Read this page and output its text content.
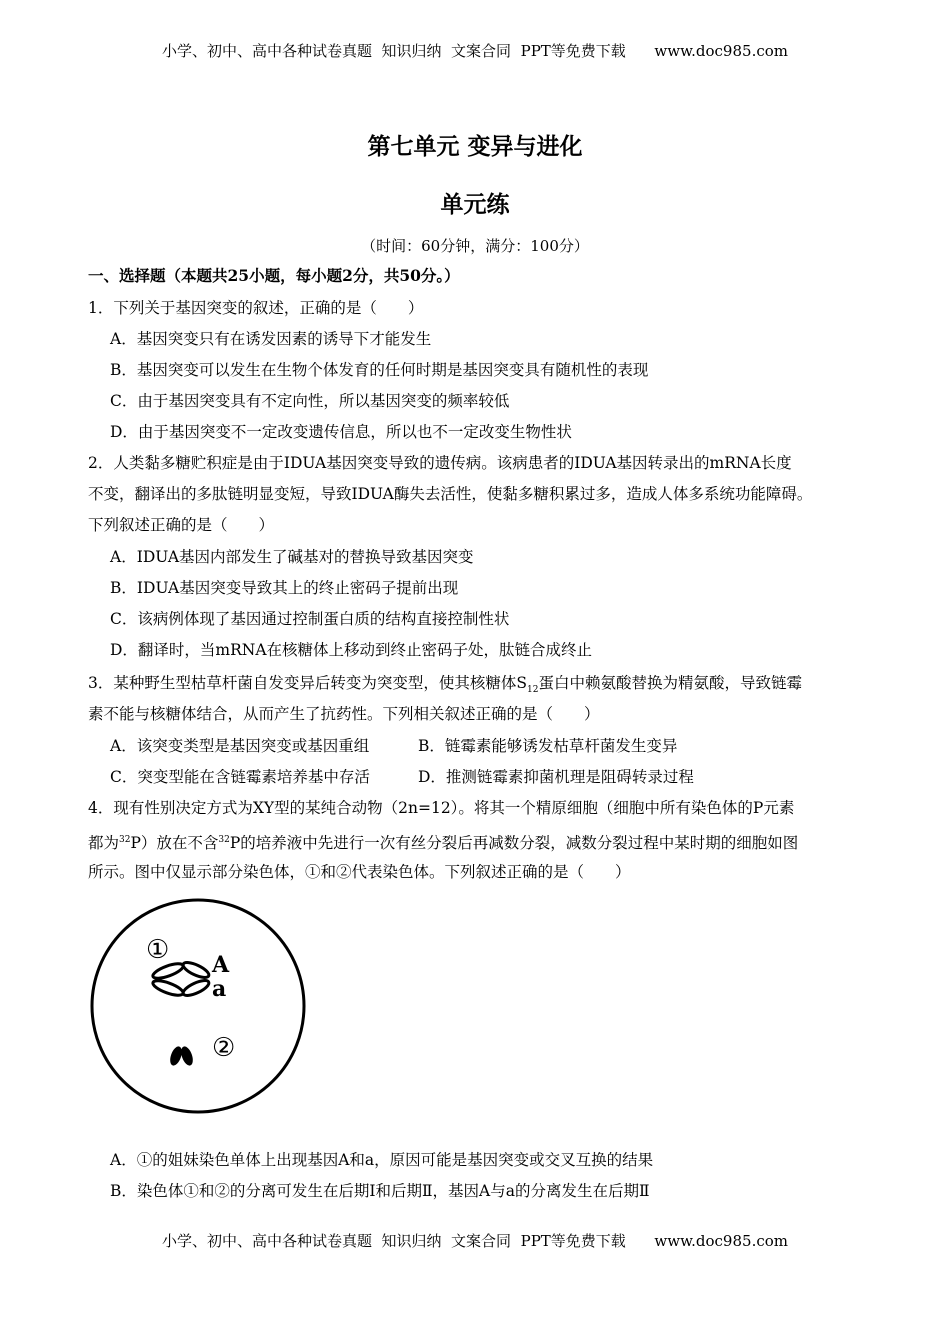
小学、初中、高中各种试卷真题  知识归纳  文案合同  PPT等免费下载      www.doc985.com
第七单元 变异与进化
单元练
（时间：60分钟，满分：100分）
一、选择题（本题共25小题，每小题2分，共50分。）
1．下列关于基因突变的叙述，正确的是（　　）
A．基因突变只有在诱发因素的诱导下才能发生
B．基因突变可以发生在生物个体发育的任何时期是基因突变具有随机性的表现
C．由于基因突变具有不定向性，所以基因突变的频率较低
D．由于基因突变不一定改变遗传信息，所以也不一定改变生物性状
2．人类黏多糖贮积症是由于IDUA基因突变导致的遗传病。该病患者的IDUA基因转录出的mRNA长度
不变，翻译出的多肽链明显变短，导致IDUA酶失去活性，使黏多糖积累过多，造成人体多系统功能障碍。
下列叙述正确的是（　　）
A．IDUA基因内部发生了碱基对的替换导致基因突变
B．IDUA基因突变导致其上的终止密码子提前出现
C．该病例体现了基因通过控制蛋白质的结构直接控制性状
D．翻译时，当mRNA在核糖体上移动到终止密码子处，肽链合成终止
3．某种野生型枯草杆菌自发变异后转变为突变型，使其核糖体$S_{12}$蛋白中赖氨酸替换为精氨酸，导致链霉
素不能与核糖体结合，从而产生了抗药性。下列相关叙述正确的是（　　）
A．该突变类型是基因突变或基因重组	B．链霉素能够诱发枯草杆菌发生变异
C．突变型能在含链霉素培养基中存活	D．推测链霉素抑菌机理是阻碍转录过程
4．现有性别决定方式为XY型的某纯合动物（2n=12）。将其一个精原细胞（细胞中所有染色体的P元素
都为$^{32}$P）放在不含$^{32}$P的培养液中先进行一次有丝分裂后再减数分裂，减数分裂过程中某时期的细胞如图
所示。图中仅显示部分染色体，①和②代表染色体。下列叙述正确的是（　　）
① A
a
②
A．①的姐妹染色单体上出现基因A和a，原因可能是基因突变或交叉互换的结果
B．染色体①和②的分离可发生在后期Ⅰ和后期Ⅱ，基因A与a的分离发生在后期Ⅱ
小学、初中、高中各种试卷真题  知识归纳  文案合同  PPT等免费下载      www.doc985.com
